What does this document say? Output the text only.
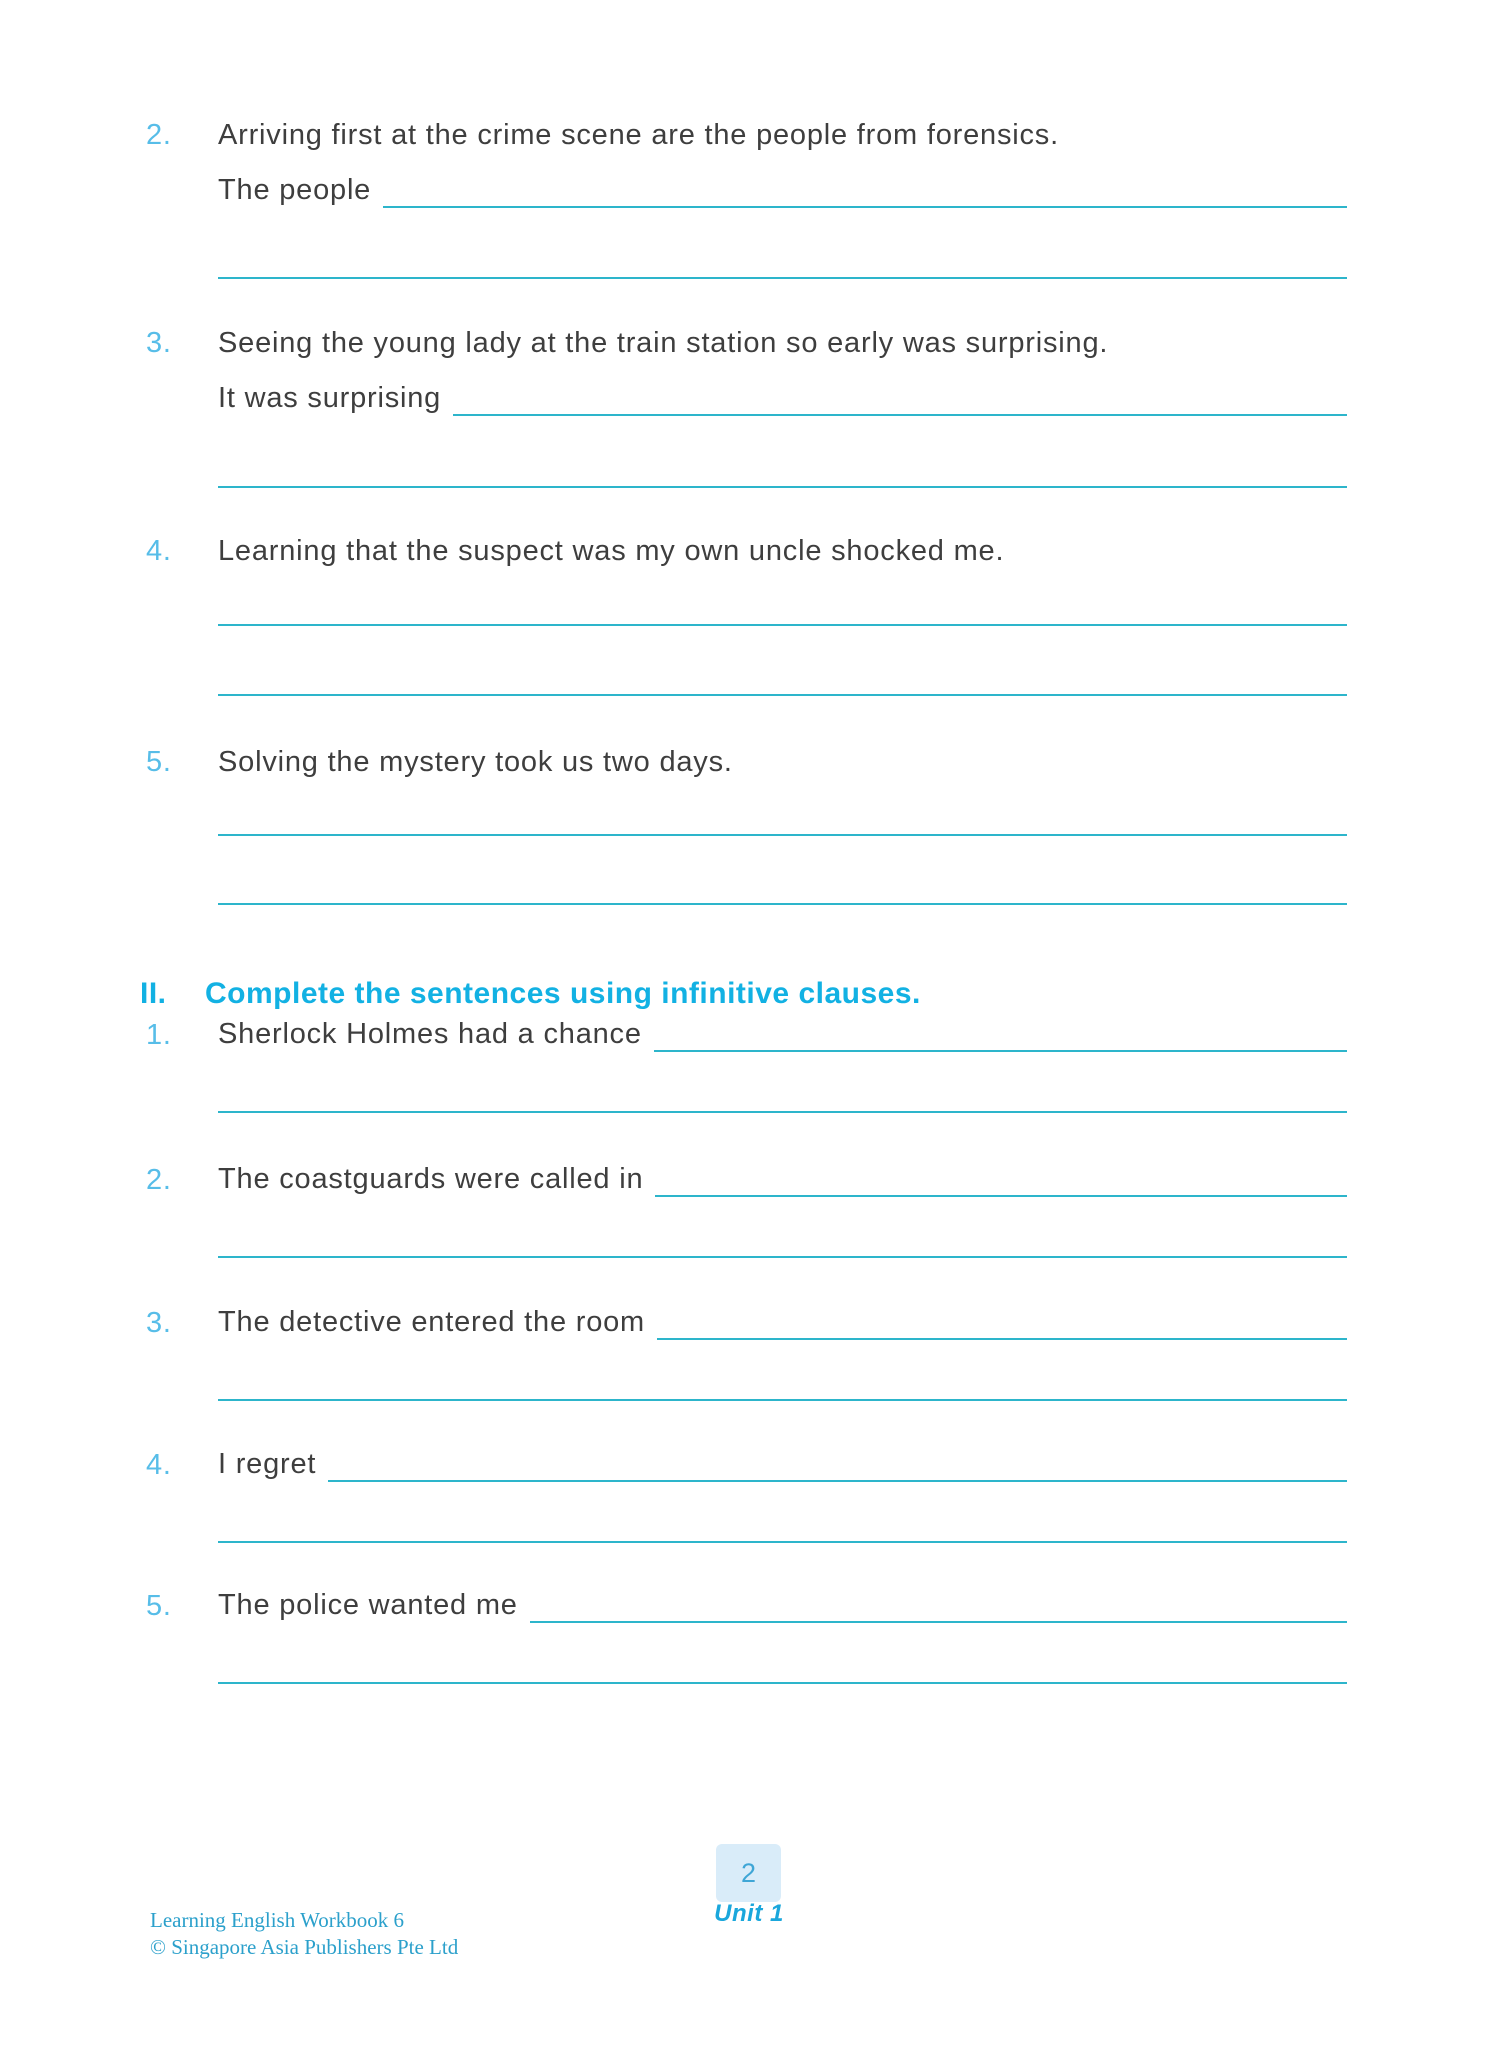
2.	Arriving first at the crime scene are the people from forensics.
The people
3.	Seeing the young lady at the train station so early was surprising.
It was surprising
4.	Learning that the suspect was my own uncle shocked me.
5.	Solving the mystery took us two days.
II.	Complete the sentences using infinitive clauses.
1.	Sherlock Holmes had a chance
2.	The coastguards were called in
3.	The detective entered the room
4.	I regret
5.	The police wanted me
2
Unit 1
Learning English Workbook 6
© Singapore Asia Publishers Pte Ltd
